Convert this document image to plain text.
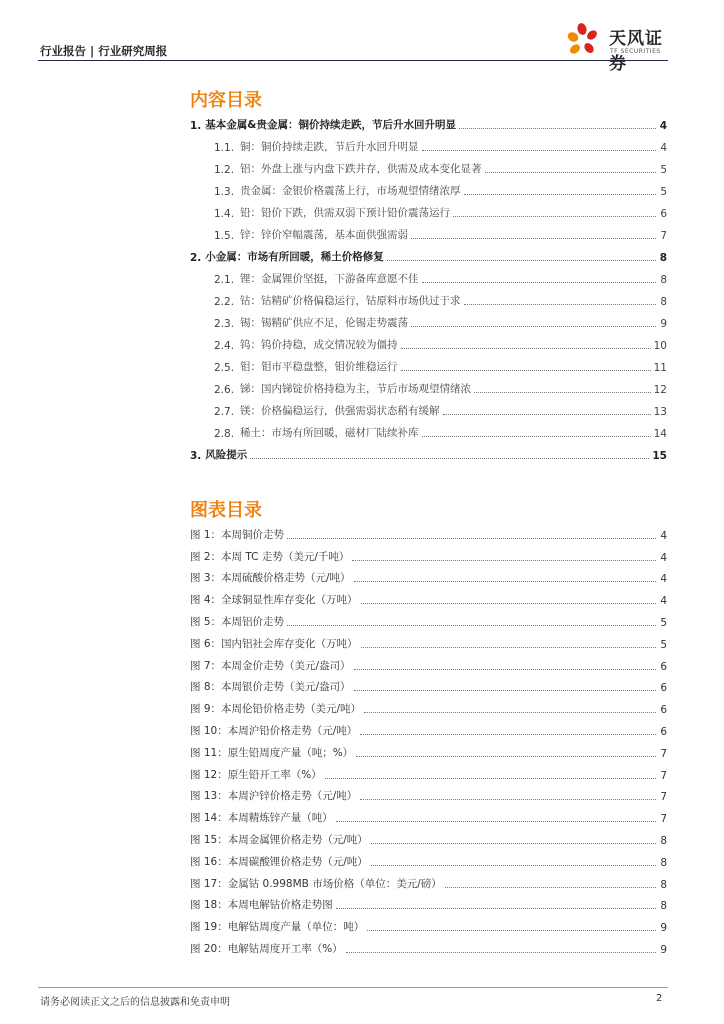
行业报告 | 行业研究周报
天风证券
TF SECURITIES
内容目录
1. 基本金属&贵金属：铜价持续走跌，节后升水回升明显	4
1.1. 铜：铜价持续走跌，节后升水回升明显	4
1.2. 铝：外盘上涨与内盘下跌并存，供需及成本变化显著	5
1.3. 贵金属：金银价格震荡上行，市场观望情绪浓厚	5
1.4. 铅：铅价下跌，供需双弱下预计铅价震荡运行	6
1.5. 锌：锌价窄幅震荡，基本面供强需弱	7
2. 小金属：市场有所回暖，稀土价格修复	8
2.1. 锂：金属锂价坚挺，下游备库意愿不佳	8
2.2. 钴：钴精矿价格偏稳运行，钴原料市场供过于求	8
2.3. 锡：锡精矿供应不足，伦锡走势震荡	9
2.4. 钨：钨价持稳，成交情况较为僵持	10
2.5. 钼：钼市平稳盘整，钼价维稳运行	11
2.6. 锑：国内锑锭价格持稳为主，节后市场观望情绪浓	12
2.7. 镁：价格偏稳运行，供强需弱状态稍有缓解	13
2.8. 稀土：市场有所回暖，磁材厂陆续补库	14
3. 风险提示	15
图表目录
图 1：本周铜价走势	4
图 2：本周 TC 走势（美元/千吨）	4
图 3：本周硫酸价格走势（元/吨）	4
图 4：全球铜显性库存变化（万吨）	4
图 5：本周铝价走势	5
图 6：国内铝社会库存变化（万吨）	5
图 7：本周金价走势（美元/盎司）	6
图 8：本周银价走势（美元/盎司）	6
图 9：本周伦铅价格走势（美元/吨）	6
图 10：本周沪铅价格走势（元/吨）	6
图 11：原生铅周度产量（吨；%）	7
图 12：原生铅开工率（%）	7
图 13：本周沪锌价格走势（元/吨）	7
图 14：本周精炼锌产量（吨）	7
图 15：本周金属锂价格走势（元/吨）	8
图 16：本周碳酸锂价格走势（元/吨）	8
图 17：金属钴 0.998MB 市场价格（单位：美元/磅）	8
图 18：本周电解钴价格走势图	8
图 19：电解钴周度产量（单位：吨）	9
图 20：电解钴周度开工率（%）	9
请务必阅读正文之后的信息披露和免责申明	2
